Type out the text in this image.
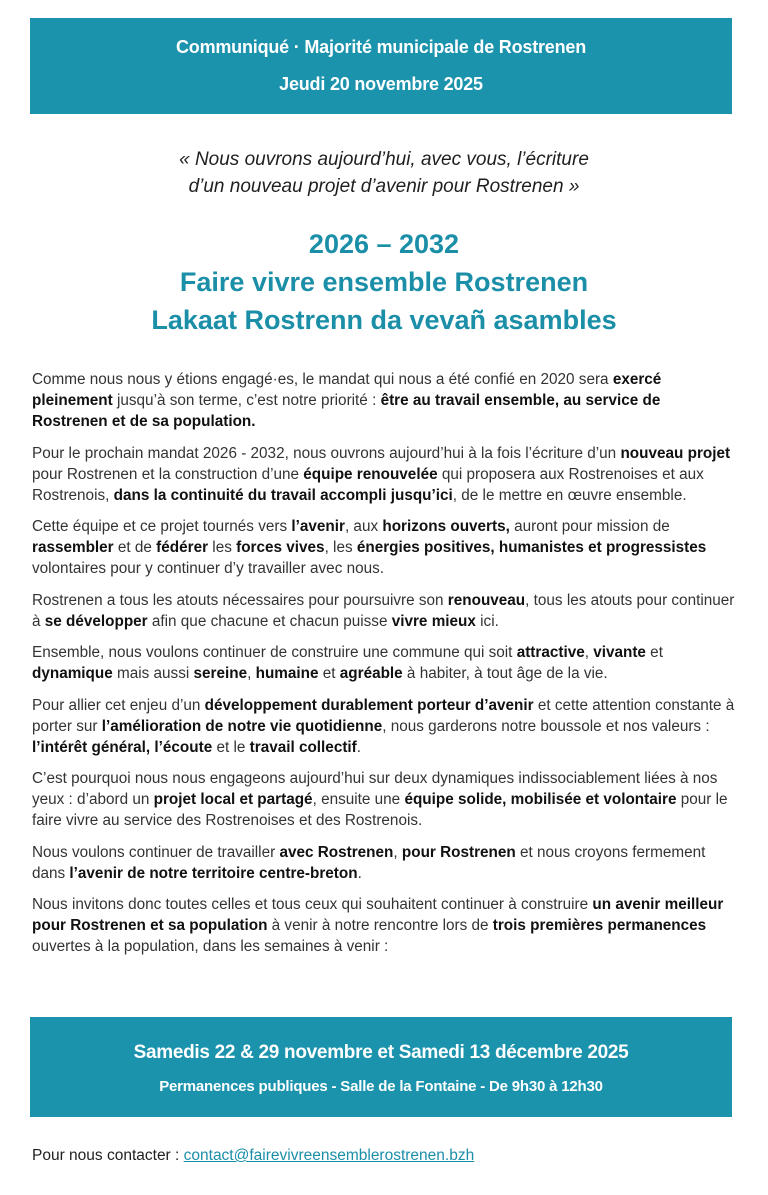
Communiqué · Majorité municipale de Rostrenen
Jeudi 20 novembre 2025
« Nous ouvrons aujourd’hui, avec vous, l’écriture
d’un nouveau projet d’avenir pour Rostrenen »
2026 – 2032
Faire vivre ensemble Rostrenen
Lakaat Rostrenn da vevañ asambles

Comme nous nous y étions engagé·es, le mandat qui nous a été confié en 2020 sera exercé pleinement jusqu’à son terme, c’est notre priorité : être au travail ensemble, au service de Rostrenen et de sa population.

Pour le prochain mandat 2026 - 2032, nous ouvrons aujourd’hui à la fois l’écriture d’un nouveau projet pour Rostrenen et la construction d’une équipe renouvelée qui proposera aux Rostrenoises et aux Rostrenois, dans la continuité du travail accompli jusqu’ici, de le mettre en œuvre ensemble.

Cette équipe et ce projet tournés vers l’avenir, aux horizons ouverts, auront pour mission de rassembler et de fédérer les forces vives, les énergies positives, humanistes et progressistes volontaires pour y continuer d’y travailler avec nous.

Rostrenen a tous les atouts nécessaires pour poursuivre son renouveau, tous les atouts pour continuer à se développer afin que chacune et chacun puisse vivre mieux ici.

Ensemble, nous voulons continuer de construire une commune qui soit attractive, vivante et dynamique mais aussi sereine, humaine et agréable à habiter, à tout âge de la vie.

Pour allier cet enjeu d’un développement durablement porteur d’avenir et cette attention constante à porter sur l’amélioration de notre vie quotidienne, nous garderons notre boussole et nos valeurs : l’intérêt général, l’écoute et le travail collectif.

C’est pourquoi nous nous engageons aujourd’hui sur deux dynamiques indissociablement liées à nos yeux : d’abord un projet local et partagé, ensuite une équipe solide, mobilisée et volontaire pour le faire vivre au service des Rostrenoises et des Rostrenois.

Nous voulons continuer de travailler avec Rostrenen, pour Rostrenen et nous croyons fermement dans l’avenir de notre territoire centre-breton.

Nous invitons donc toutes celles et tous ceux qui souhaitent continuer à construire un avenir meilleur pour Rostrenen et sa population à venir à notre rencontre lors de trois premières permanences ouvertes à la population, dans les semaines à venir :

Samedis 22 & 29 novembre et Samedi 13 décembre 2025
Permanences publiques - Salle de la Fontaine - De 9h30 à 12h30
Pour nous contacter : contact@fairevivreensemblerostrenen.bzh
